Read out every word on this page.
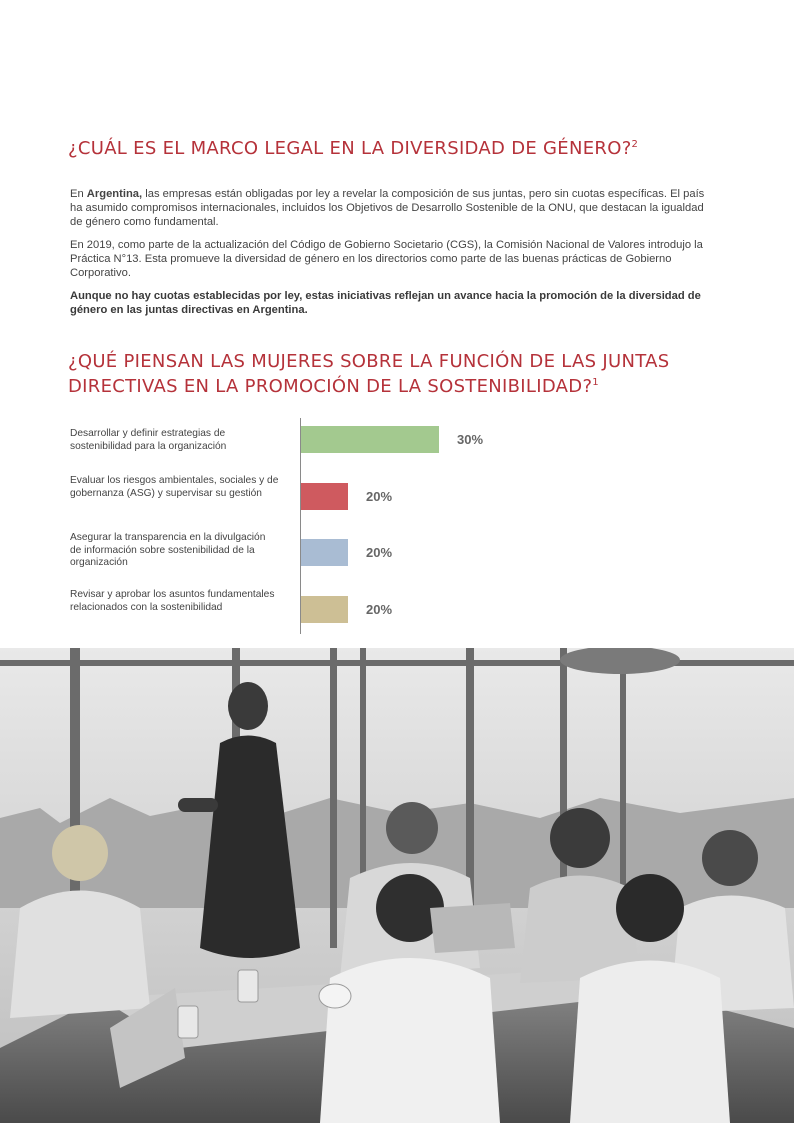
¿CUÁL ES EL MARCO LEGAL EN LA DIVERSIDAD DE GÉNERO?$^2$

En Argentina, las empresas están obligadas por ley a revelar la composición de sus juntas, pero sin cuotas específicas. El país ha asumido compromisos internacionales, incluidos los Objetivos de Desarrollo Sostenible de la ONU, que destacan la igualdad de género como fundamental.

En 2019, como parte de la actualización del Código de Gobierno Societario (CGS), la Comisión Nacional de Valores introdujo la Práctica N°13. Esta promueve la diversidad de género en los directorios como parte de las buenas prácticas de Gobierno Corporativo.

Aunque no hay cuotas establecidas por ley, estas iniciativas reflejan un avance hacia la promoción de la diversidad de género en las juntas directivas en Argentina.

¿QUÉ PIENSAN LAS MUJERES SOBRE LA FUNCIÓN DE LAS JUNTAS
DIRECTIVAS EN LA PROMOCIÓN DE LA SOSTENIBILIDAD?$^1$
Desarrollar y definir estrategias de
sostenibilidad para la organización	30%
Evaluar los riesgos ambientales, sociales y de
gobernanza (ASG) y supervisar su gestión	20%
Asegurar la transparencia en la divulgación
de información sobre sostenibilidad de la
organización
20%
Revisar y aprobar los asuntos fundamentales
relacionados con la sostenibilidad	20%
